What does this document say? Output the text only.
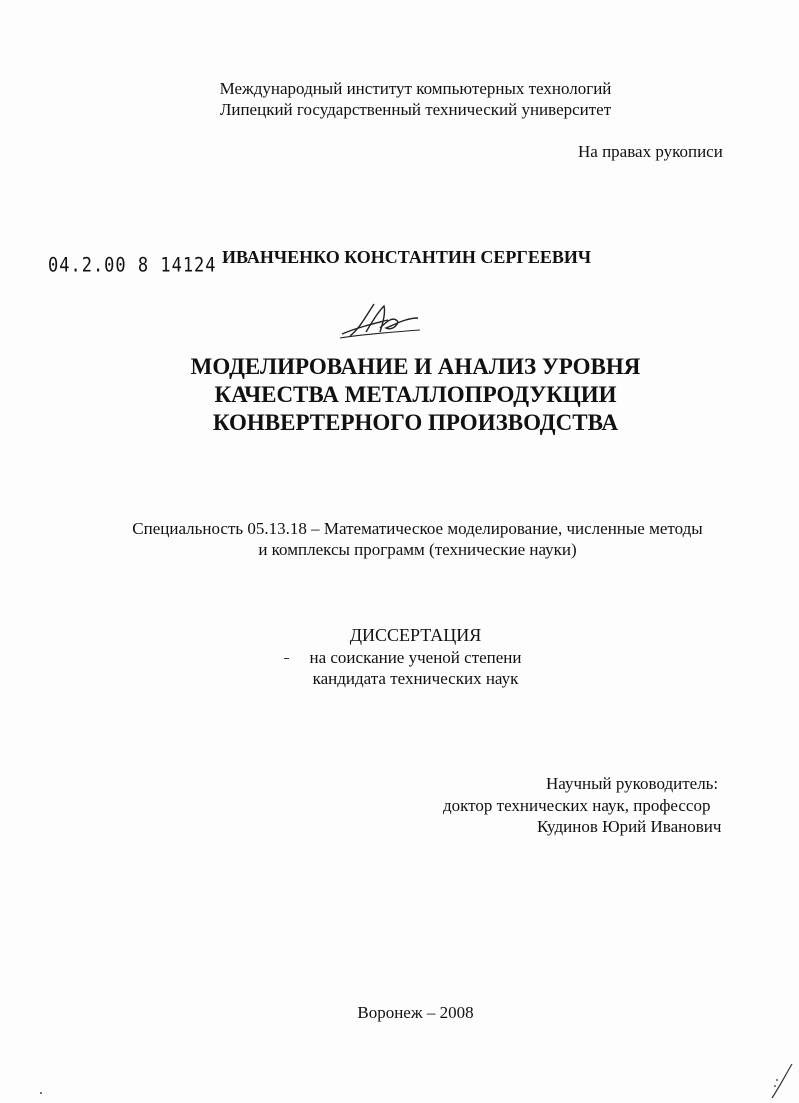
Международный институт компьютерных технологий
Липецкий государственный технический университет
На правах рукописи
04.2.00 8 14124 ИВАНЧЕНКО КОНСТАНТИН СЕРГЕЕВИЧ
МОДЕЛИРОВАНИЕ И АНАЛИЗ УРОВНЯ
КАЧЕСТВА МЕТАЛЛОПРОДУКЦИИ
КОНВЕРТЕРНОГО ПРОИЗВОДСТВА
Специальность 05.13.18 – Математическое моделирование, численные методы
и комплексы программ (технические науки)
ДИССЕРТАЦИЯ
на соискание ученой степени
кандидата технических наук
Научный руководитель:
доктор технических наук, профессор
Кудинов Юрий Иванович
Воронеж – 2008
